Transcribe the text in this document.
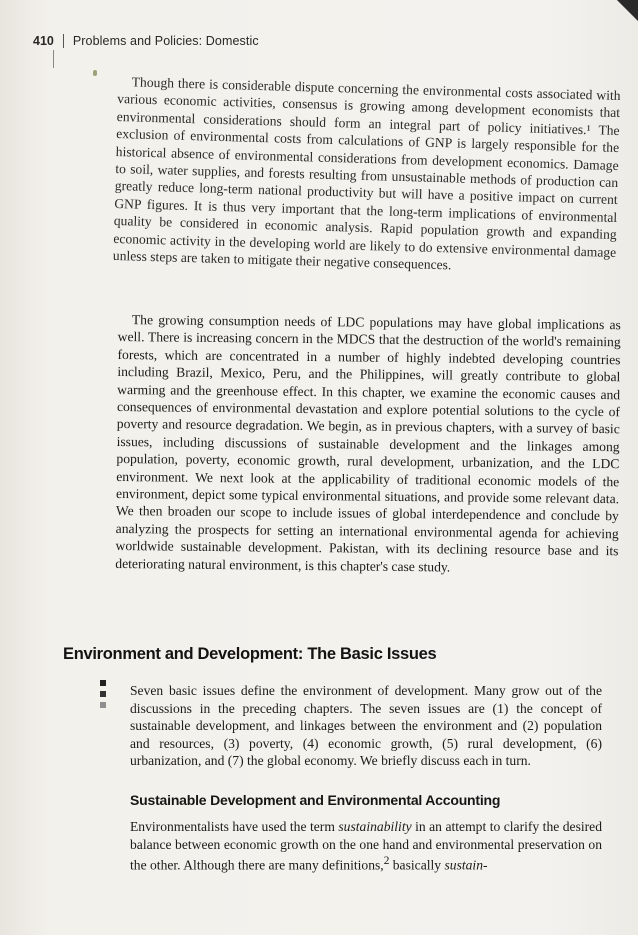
410 Problems and Policies: Domestic

Though there is considerable dispute concerning the environmental costs associated with various economic activities, consensus is growing among development economists that environmental considerations should form an integral part of policy initiatives.¹ The exclusion of environmental costs from calculations of GNP is largely responsible for the historical absence of environmental considerations from development economics. Damage to soil, water supplies, and forests resulting from unsustainable methods of production can greatly reduce long-term national productivity but will have a positive impact on current GNP figures. It is thus very important that the long-term implications of environmental quality be considered in economic analysis. Rapid population growth and expanding economic activity in the developing world are likely to do extensive environmental damage unless steps are taken to mitigate their negative consequences.

The growing consumption needs of LDC populations may have global implications as well. There is increasing concern in the MDCS that the destruction of the world's remaining forests, which are concentrated in a number of highly indebted developing countries including Brazil, Mexico, Peru, and the Philippines, will greatly contribute to global warming and the greenhouse effect. In this chapter, we examine the economic causes and consequences of environmental devastation and explore potential solutions to the cycle of poverty and resource degradation. We begin, as in previous chapters, with a survey of basic issues, including discussions of sustainable development and the linkages among population, poverty, economic growth, rural development, urbanization, and the LDC environment. We next look at the applicability of traditional economic models of the environment, depict some typical environmental situations, and provide some relevant data. We then broaden our scope to include issues of global interdependence and conclude by analyzing the prospects for setting an international environmental agenda for achieving worldwide sustainable development. Pakistan, with its declining resource base and its deteriorating natural environment, is this chapter's case study.

Environment and Development: The Basic Issues

Seven basic issues define the environment of development. Many grow out of the discussions in the preceding chapters. The seven issues are (1) the concept of sustainable development, and linkages between the environment and (2) population and resources, (3) poverty, (4) economic growth, (5) rural development, (6) urbanization, and (7) the global economy. We briefly discuss each in turn.

Sustainable Development and Environmental Accounting

Environmentalists have used the term sustainability in an attempt to clarify the desired balance between economic growth on the one hand and environmental preservation on the other. Although there are many definitions,$^2$ basically sustain-
